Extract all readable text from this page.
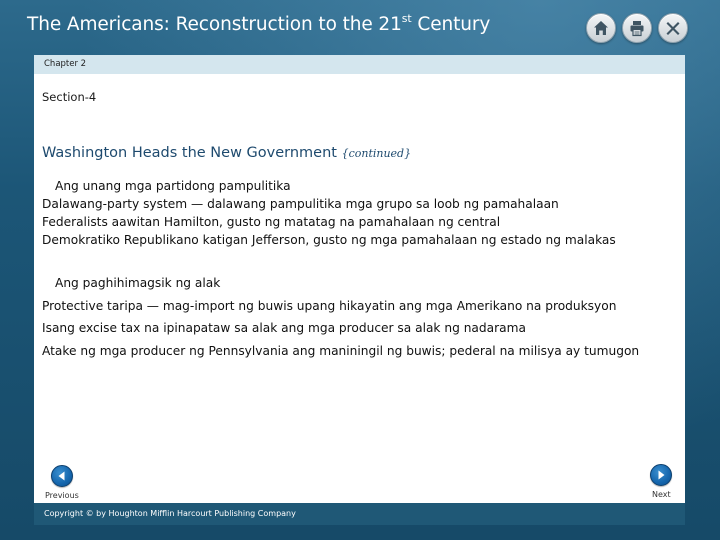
The Americans: Reconstruction to the 21st Century
Chapter 2
Section-4
Washington Heads the New Government {continued}

Ang unang mga partidong pampulitika

Dalawang-party system — dalawang pampulitika mga grupo sa loob ng pamahalaan

Federalists aawitan Hamilton, gusto ng matatag na pamahalaan ng central

Demokratiko Republikano katigan Jefferson, gusto ng mga pamahalaan ng estado ng malakas

Ang paghihimagsik ng alak

Protective taripa — mag-import ng buwis upang hikayatin ang mga Amerikano na produksyon

Isang excise tax na ipinapataw sa alak ang mga producer sa alak ng nadarama

Atake ng mga producer ng Pennsylvania ang maniningil ng buwis; pederal na milisya ay tumugon

Previous	Next
Copyright © by Houghton Mifflin Harcourt Publishing Company
